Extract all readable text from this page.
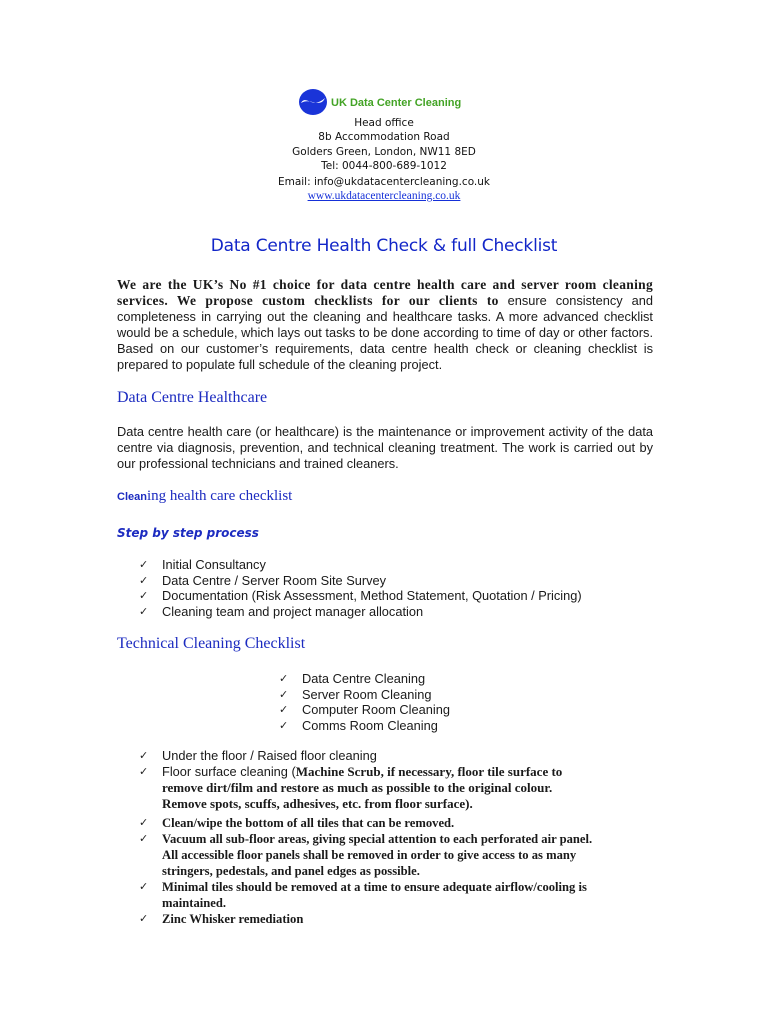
UK Data Center Cleaning
Head office
8b Accommodation Road
Golders Green, London, NW11 8ED
Tel: 0044-800-689-1012
Email: info@ukdatacentercleaning.co.uk
www.ukdatacentercleaning.co.uk
Data Centre Health Check & full Checklist
We are the UK’s No #1 choice for data centre health care and server room cleaning services. We propose custom checklists for our clients to ensure consistency and completeness in carrying out the cleaning and healthcare tasks. A more advanced checklist would be a schedule, which lays out tasks to be done according to time of day or other factors. Based on our customer’s requirements, data centre health check or cleaning checklist is prepared to populate full schedule of the cleaning project.
Data Centre Healthcare
Data centre health care (or healthcare) is the maintenance or improvement activity of the data centre via diagnosis, prevention, and technical cleaning treatment. The work is carried out by our professional technicians and trained cleaners.
Cleaning health care checklist
Step by step process
✓ Initial Consultancy
✓ Data Centre / Server Room Site Survey
✓ Documentation (Risk Assessment, Method Statement, Quotation / Pricing)
✓ Cleaning team and project manager allocation
Technical Cleaning Checklist
✓ Data Centre Cleaning
✓ Server Room Cleaning
✓ Computer Room Cleaning
✓ Comms Room Cleaning
✓ Under the floor / Raised floor cleaning
✓ Floor surface cleaning (Machine Scrub, if necessary, floor tile surface to
remove dirt/film and restore as much as possible to the original colour.
Remove spots, scuffs, adhesives, etc. from floor surface).
✓ Clean/wipe the bottom of all tiles that can be removed.
✓ Vacuum all sub-floor areas, giving special attention to each perforated air panel.
All accessible floor panels shall be removed in order to give access to as many
stringers, pedestals, and panel edges as possible.
✓ Minimal tiles should be removed at a time to ensure adequate airflow/cooling is
maintained.
✓ Zinc Whisker remediation
